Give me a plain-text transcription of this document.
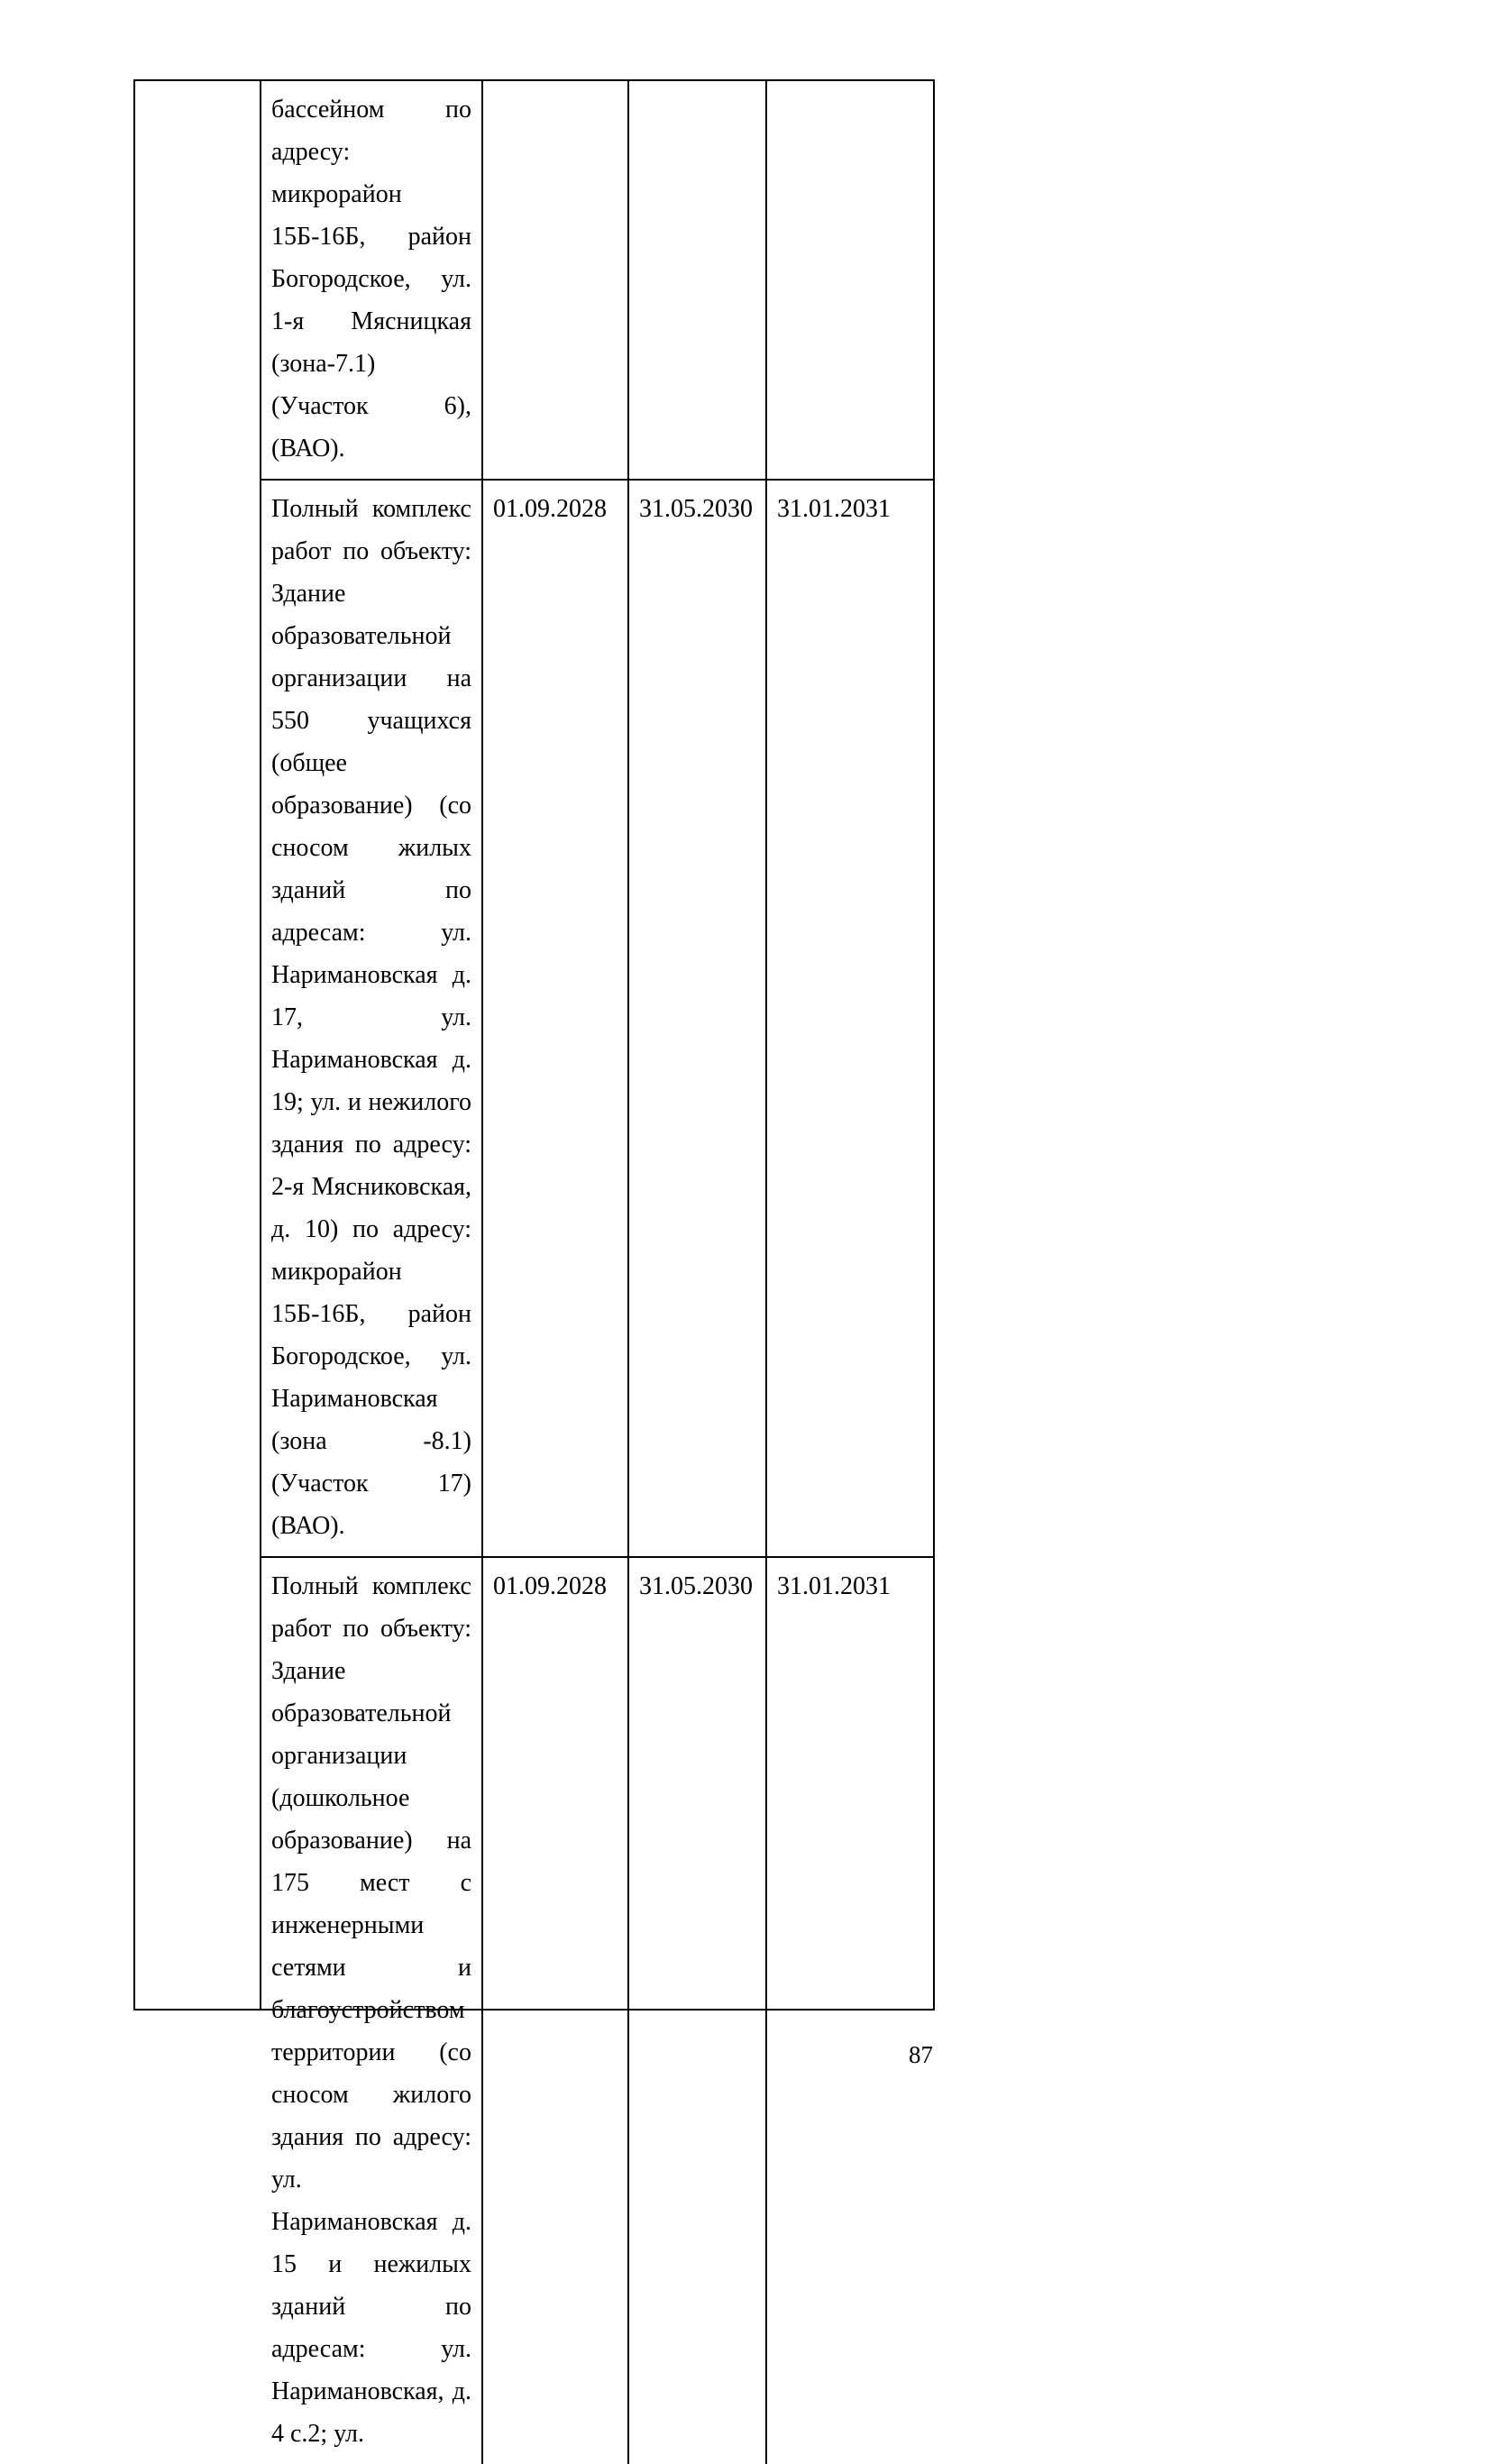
бассейном по адресу: микрорайон 15Б-16Б, район Богородское, ул. 1-я Мясницкая (зона-7.1) (Участок 6), (ВАО).
Полный комплекс работ по объекту: Здание образовательной организации на 550 учащихся (общее образование) (со сносом жилых зданий по адресам: ул. Наримановская д. 17, ул. Наримановская д. 19; ул. и нежилого здания по адресу: 2-я Мясниковская, д. 10) по адресу: микрорайон 15Б-16Б, район Богородское, ул. Наримановская (зона -8.1) (Участок 17) (ВАО).
01.09.2028	31.05.2030 31.01.2031
Полный комплекс работ по объекту: Здание образовательной организации (дошкольное образование) на 175 мест с инженерными сетями и благоустройством территории (со сносом жилого здания по адресу: ул. Наримановская д. 15 и нежилых зданий по адресам: ул. Наримановская, д. 4 с.2; ул.
01.09.2028	31.05.2030 31.01.2031
87
